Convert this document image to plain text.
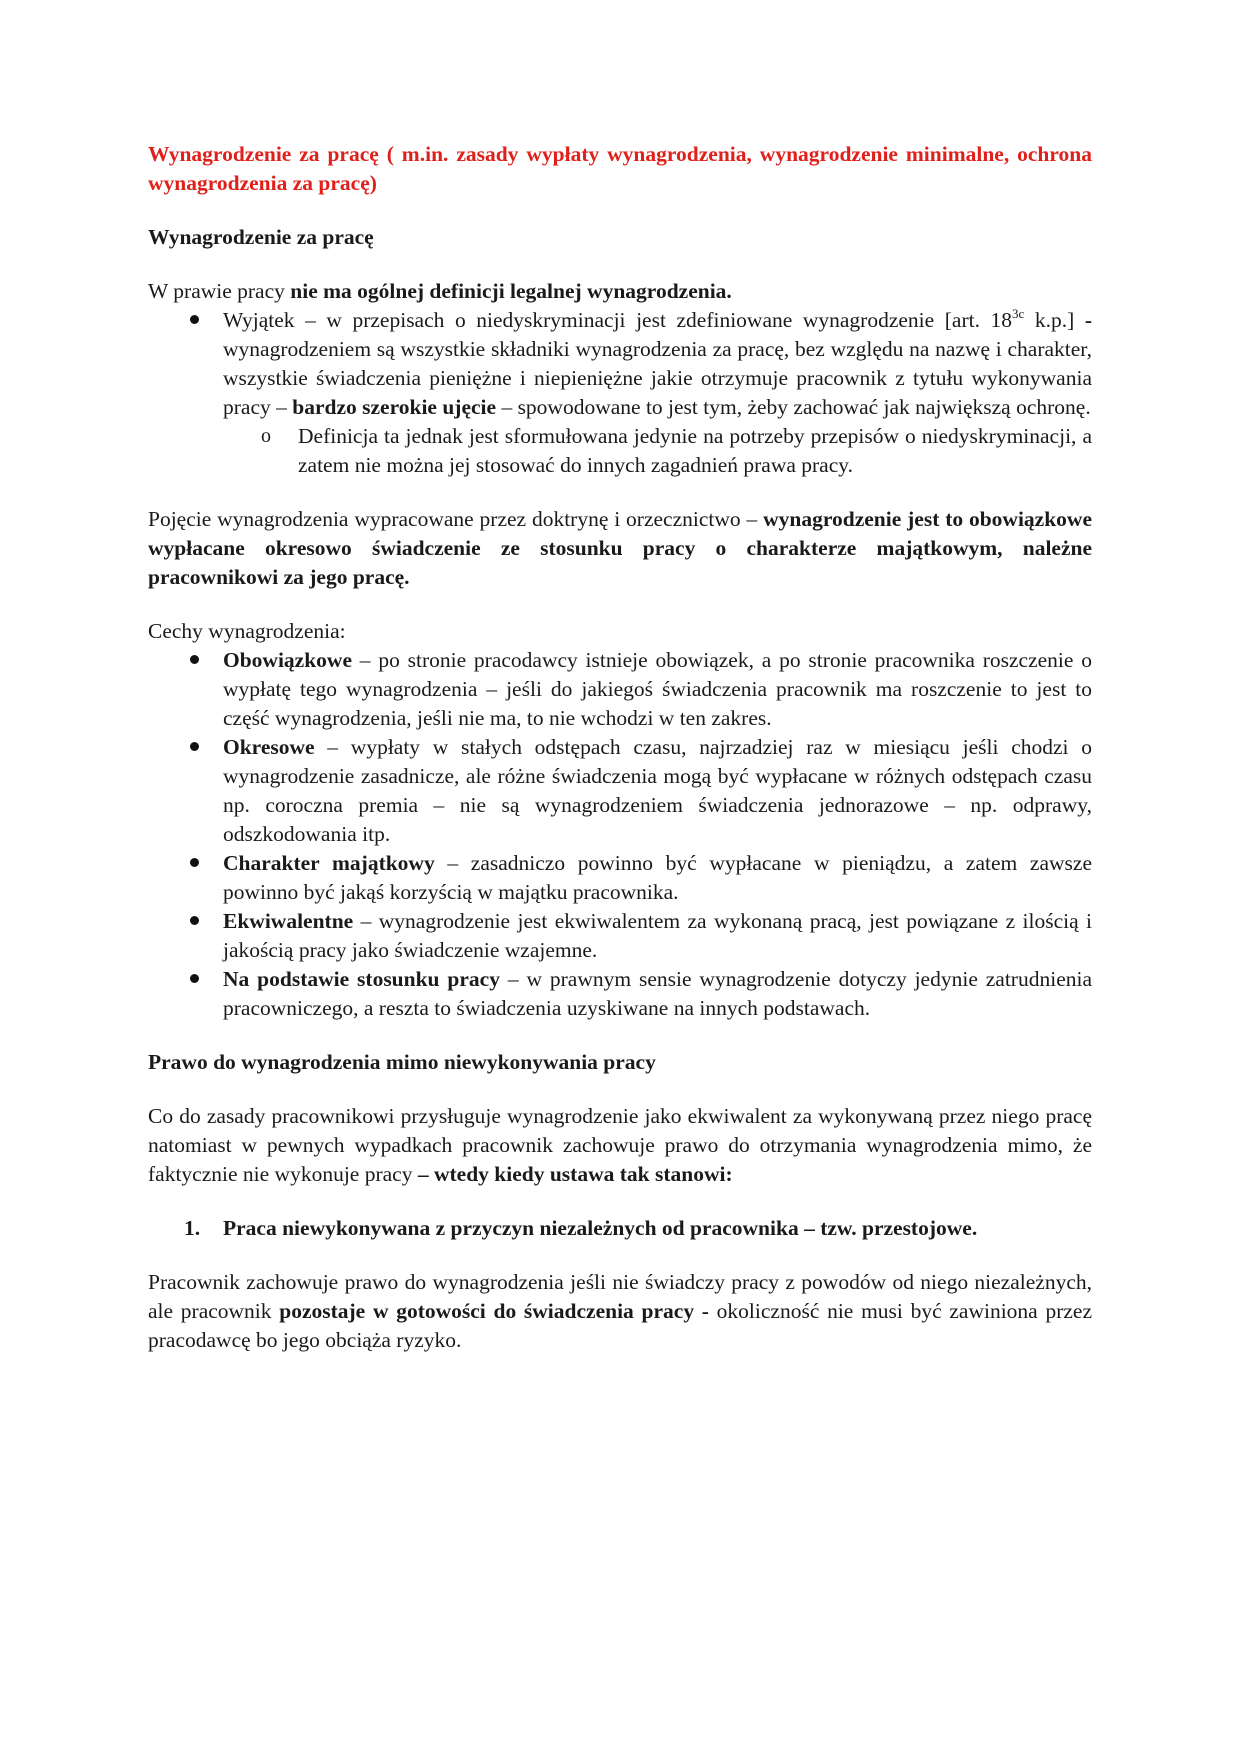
Wynagrodzenie za pracę ( m.in. zasady wypłaty wynagrodzenia, wynagrodzenie minimalne, ochrona wynagrodzenia za pracę)

Wynagrodzenie za pracę

W prawie pracy nie ma ogólnej definicji legalnej wynagrodzenia.

Wyjątek – w przepisach o niedyskryminacji jest zdefiniowane wynagrodzenie [art. $18^{3c}$ k.p.] - wynagrodzeniem są wszystkie składniki wynagrodzenia za pracę, bez względu na nazwę i charakter, wszystkie świadczenia pieniężne i niepieniężne jakie otrzymuje pracownik z tytułu wykonywania pracy – bardzo szerokie ujęcie – spowodowane to jest tym, żeby zachować jak największą ochronę.
o Definicja ta jednak jest sformułowana jedynie na potrzeby przepisów o niedyskryminacji, a zatem nie można jej stosować do innych zagadnień prawa pracy.

Pojęcie wynagrodzenia wypracowane przez doktrynę i orzecznictwo – wynagrodzenie jest to obowiązkowe wypłacane okresowo świadczenie ze stosunku pracy o charakterze majątkowym, należne pracownikowi za jego pracę.

Cechy wynagrodzenia:

Obowiązkowe – po stronie pracodawcy istnieje obowiązek, a po stronie pracownika roszczenie o wypłatę tego wynagrodzenia – jeśli do jakiegoś świadczenia pracownik ma roszczenie to jest to część wynagrodzenia, jeśli nie ma, to nie wchodzi w ten zakres.
Okresowe – wypłaty w stałych odstępach czasu, najrzadziej raz w miesiącu jeśli chodzi o wynagrodzenie zasadnicze, ale różne świadczenia mogą być wypłacane w różnych odstępach czasu np. coroczna premia – nie są wynagrodzeniem świadczenia jednorazowe – np. odprawy, odszkodowania itp.
Charakter majątkowy – zasadniczo powinno być wypłacane w pieniądzu, a zatem zawsze powinno być jakąś korzyścią w majątku pracownika.
Ekwiwalentne – wynagrodzenie jest ekwiwalentem za wykonaną pracą, jest powiązane z ilością i jakością pracy jako świadczenie wzajemne.
Na podstawie stosunku pracy – w prawnym sensie wynagrodzenie dotyczy jedynie zatrudnienia pracowniczego, a reszta to świadczenia uzyskiwane na innych podstawach.

Prawo do wynagrodzenia mimo niewykonywania pracy

Co do zasady pracownikowi przysługuje wynagrodzenie jako ekwiwalent za wykonywaną przez niego pracę natomiast w pewnych wypadkach pracownik zachowuje prawo do otrzymania wynagrodzenia mimo, że faktycznie nie wykonuje pracy – wtedy kiedy ustawa tak stanowi:

1. Praca niewykonywana z przyczyn niezależnych od pracownika – tzw. przestojowe.

Pracownik zachowuje prawo do wynagrodzenia jeśli nie świadczy pracy z powodów od niego niezależnych, ale pracownik pozostaje w gotowości do świadczenia pracy - okoliczność nie musi być zawiniona przez pracodawcę bo jego obciąża ryzyko.
